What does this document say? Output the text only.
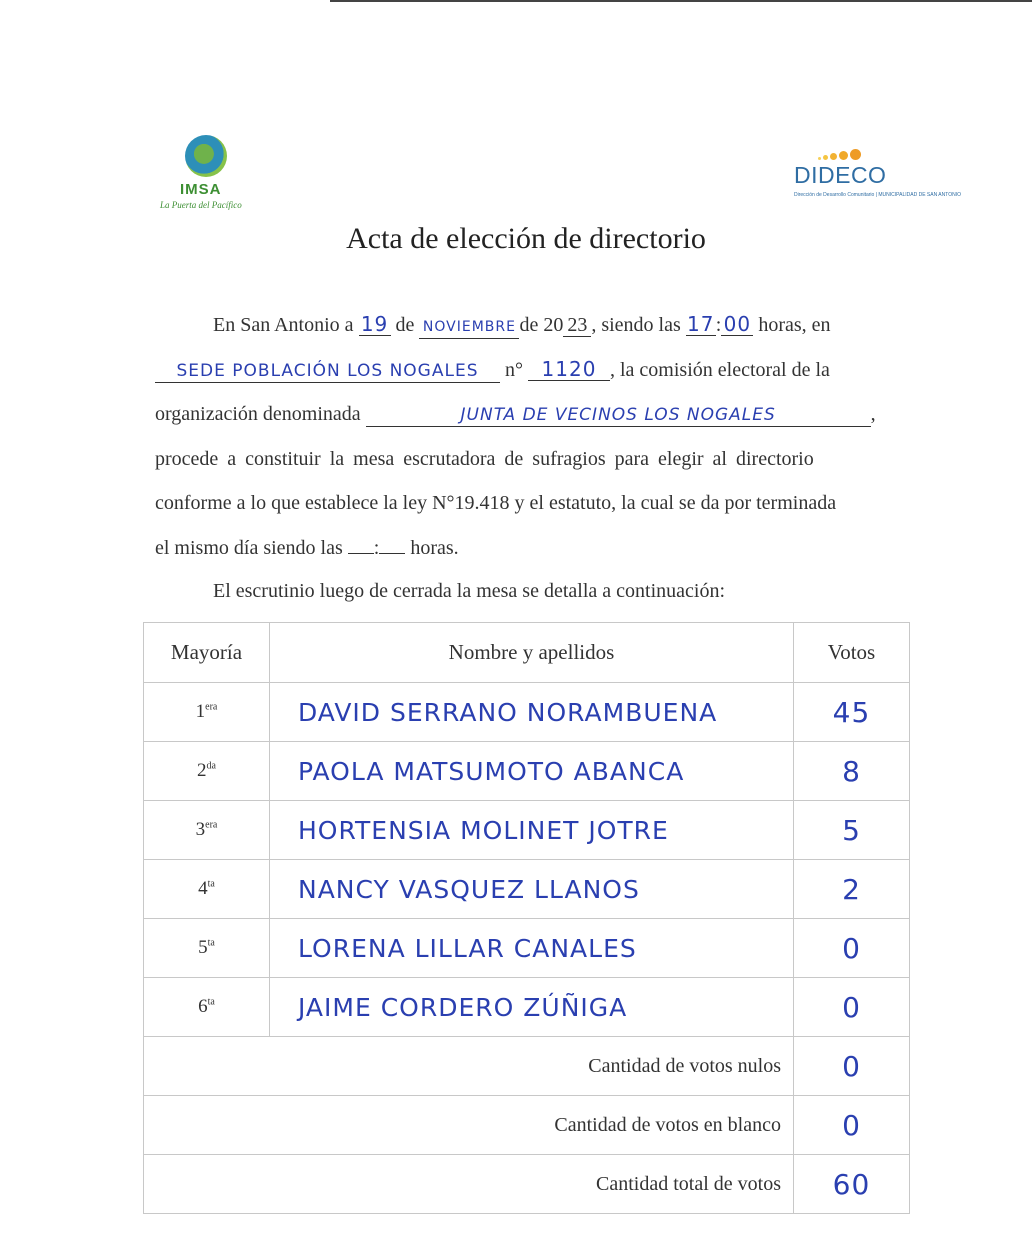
IMSA
La Puerta del Pacífico
DIDECO
Dirección de Desarrollo Comunitario | MUNICIPALIDAD DE SAN ANTONIO
Acta de elección de directorio
En San Antonio a 19 de NOVIEMBRE de 20 23 , siendo las 17: 00 horas, en
SEDE POBLACIÓN LOS NOGALES n° 1120 , la comisión electoral de la
organización denominada	JUNTA DE VECINOS LOS NOGALES	,
procede a constituir la mesa escrutadora de sufragios para elegir al directorio
conforme a lo que establece la ley N°19.418 y el estatuto, la cual se da por terminada
el mismo día siendo las : horas.
El escrutinio luego de cerrada la mesa se detalla a continuación:
Mayoría	Nombre y apellidos	Votos
$1^{era}$	DAVID SERRANO NORAMBUENA	45
$2^{da}$	PAOLA MATSUMOTO ABANCA	8
$3^{era}$	HORTENSIA MOLINET JOTRE	5
$4^{ta}$	NANCY VASQUEZ LLANOS	2
$5^{ta}$	LORENA LILLAR CANALES	0
$6^{ta}$	JAIME CORDERO ZÚÑIGA	0
Cantidad de votos nulos		0
Cantidad de votos en blanco		0
Cantidad total de votos		60
